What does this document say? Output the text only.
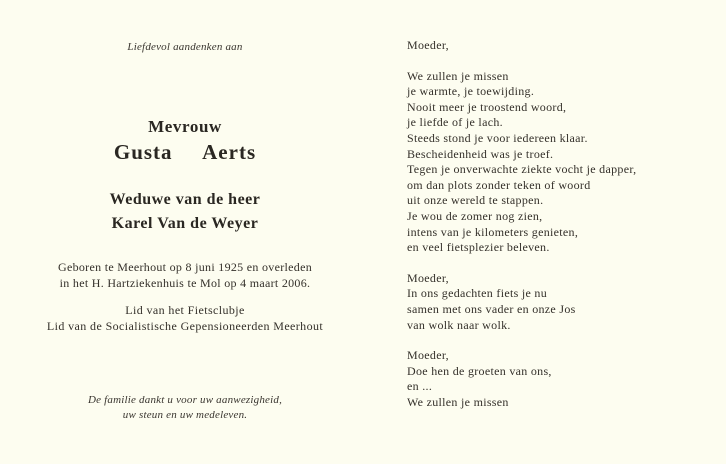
Liefdevol aandenken aan
Mevrouw
Gusta   Aerts
Weduwe van de heer
Karel Van de Weyer
Geboren te Meerhout op 8 juni 1925 en overleden
in het H. Hartziekenhuis te Mol op 4 maart 2006.
Lid van het Fietsclubje
Lid van de Socialistische Gepensioneerden Meerhout
De familie dankt u voor uw aanwezigheid,
uw steun en uw medeleven.
Moeder,
We zullen je missen
je warmte, je toewijding.
Nooit meer je troostend woord,
je liefde of je lach.
Steeds stond je voor iedereen klaar.
Bescheidenheid was je troef.
Tegen je onverwachte ziekte vocht je dapper,
om dan plots zonder teken of woord
uit onze wereld te stappen.
Je wou de zomer nog zien,
intens van je kilometers genieten,
en veel fietsplezier beleven.
Moeder,
In ons gedachten fiets je nu
samen met ons vader en onze Jos
van wolk naar wolk.
Moeder,
Doe hen de groeten van ons,
en ...
We zullen je missen
